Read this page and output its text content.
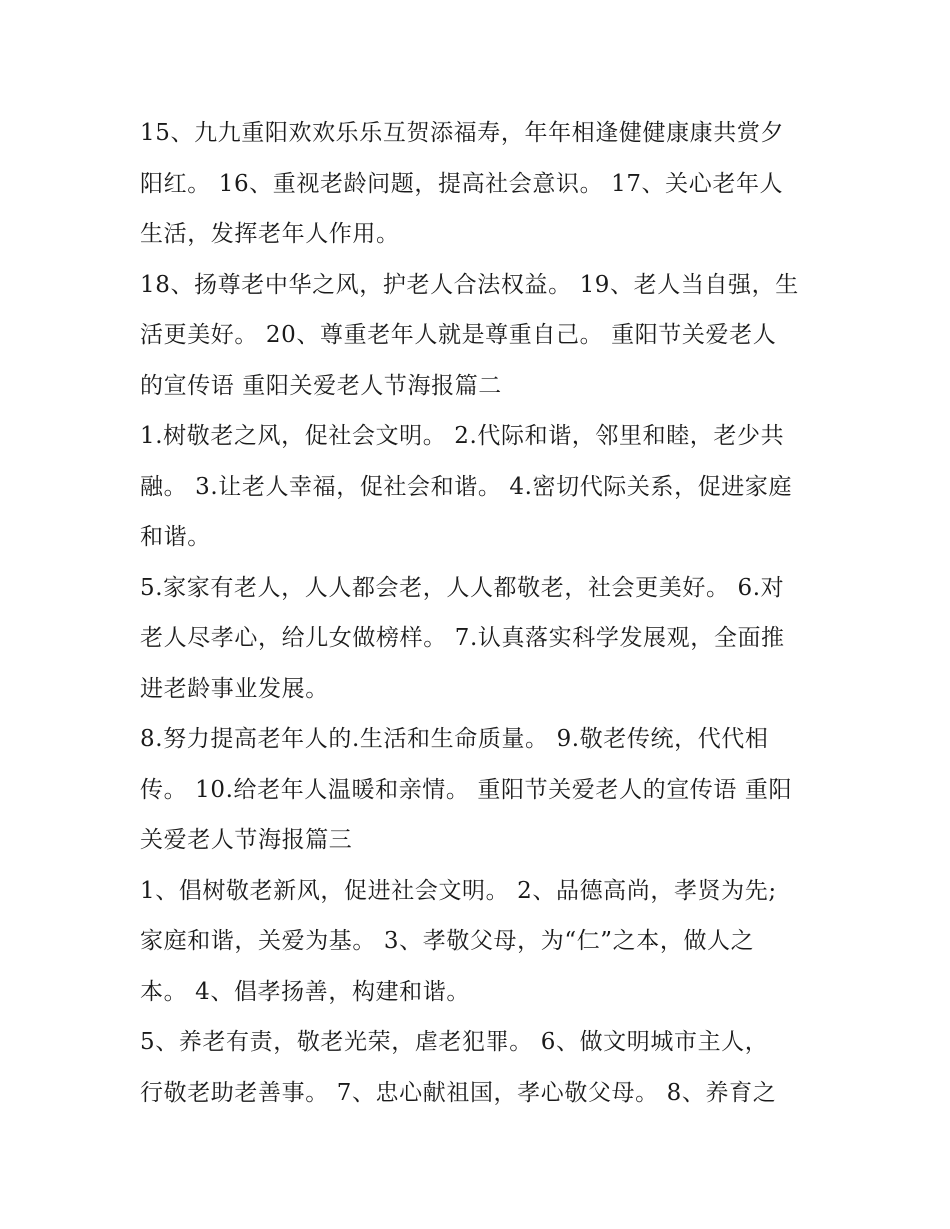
15、九九重阳欢欢乐乐互贺添福寿，年年相逢健健康康共赏夕
阳红。 16、重视老龄问题，提高社会意识。 17、关心老年人
生活，发挥老年人作用。

18、扬尊老中华之风，护老人合法权益。 19、老人当自强，生
活更美好。 20、尊重老年人就是尊重自己。 重阳节关爱老人
的宣传语 重阳关爱老人节海报篇二

1.树敬老之风，促社会文明。 2.代际和谐，邻里和睦，老少共
融。 3.让老人幸福，促社会和谐。 4.密切代际关系，促进家庭
和谐。

5.家家有老人，人人都会老，人人都敬老，社会更美好。 6.对
老人尽孝心，给儿女做榜样。 7.认真落实科学发展观，全面推
进老龄事业发展。

8.努力提高老年人的.生活和生命质量。 9.敬老传统，代代相
传。 10.给老年人温暖和亲情。 重阳节关爱老人的宣传语 重阳
关爱老人节海报篇三

1、倡树敬老新风，促进社会文明。 2、品德高尚，孝贤为先;
家庭和谐，关爱为基。 3、孝敬父母，为“仁”之本，做人之
本。 4、倡孝扬善，构建和谐。

5、养老有责，敬老光荣，虐老犯罪。 6、做文明城市主人，
行敬老助老善事。 7、忠心献祖国，孝心敬父母。 8、养育之
